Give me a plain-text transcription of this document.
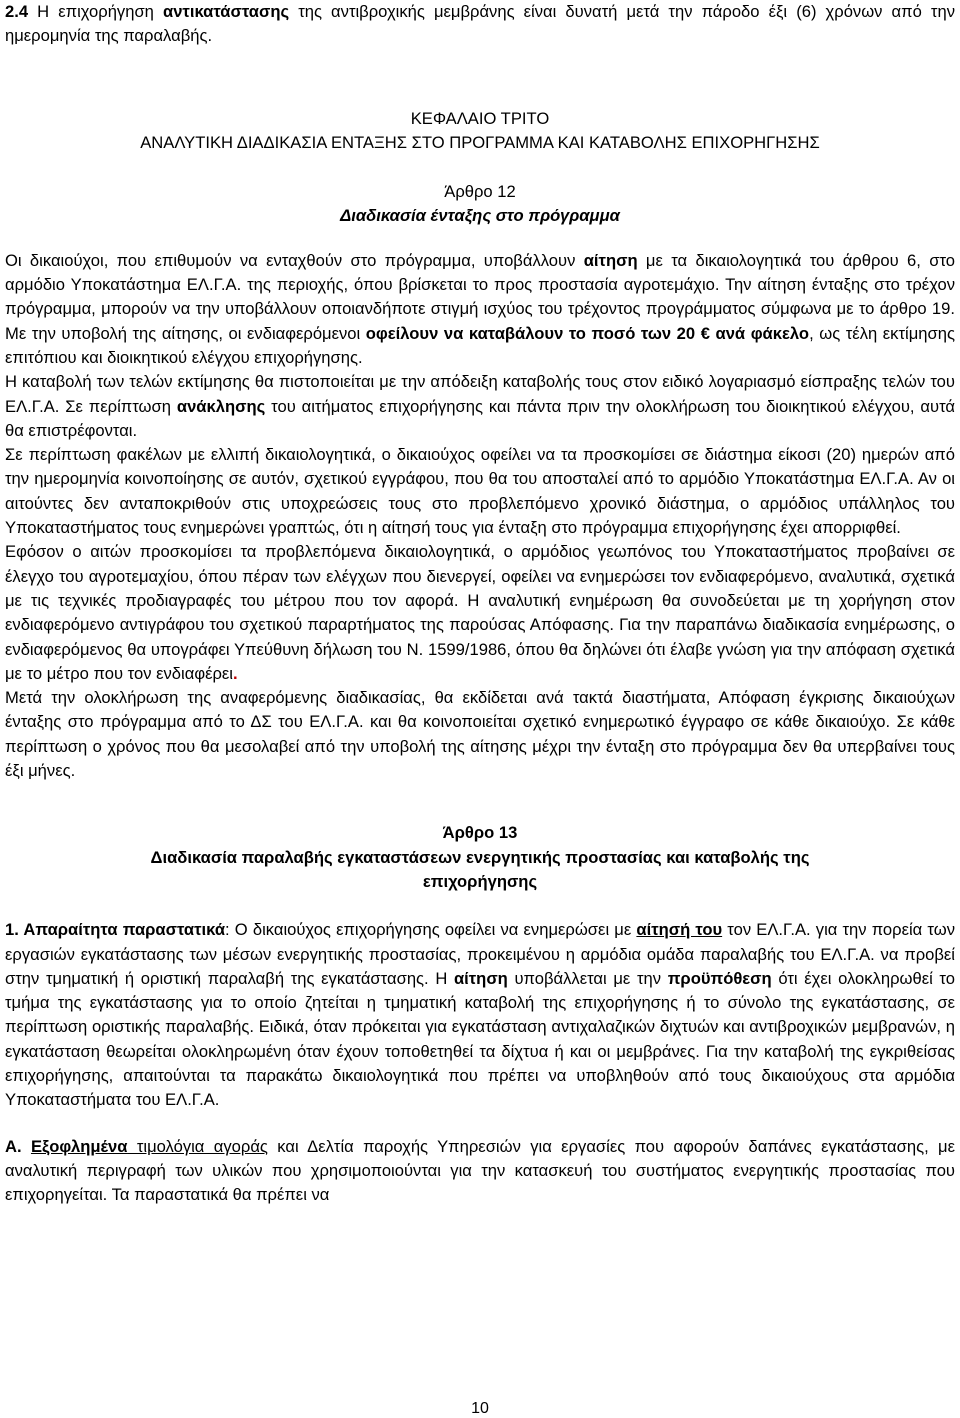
2.4 Η επιχορήγηση αντικατάστασης της αντιβροχικής μεμβράνης είναι δυνατή μετά την πάροδο έξι (6) χρόνων από την ημερομηνία της παραλαβής.

ΚΕΦΑΛΑΙΟ ΤΡΙΤΟ

ΑΝΑΛΥΤΙΚΗ ΔΙΑΔΙΚΑΣΙΑ ΕΝΤΑΞΗΣ ΣΤΟ ΠΡΟΓΡΑΜΜΑ ΚΑΙ ΚΑΤΑΒΟΛΗΣ ΕΠΙΧΟΡΗΓΗΣΗΣ

Άρθρο 12

Διαδικασία ένταξης στο πρόγραμμα

Οι δικαιούχοι, που επιθυμούν να ενταχθούν στο πρόγραμμα, υποβάλλουν αίτηση με τα δικαιολογητικά του άρθρου 6, στο αρμόδιο Υποκατάστημα ΕΛ.Γ.Α. της περιοχής, όπου βρίσκεται το προς προστασία αγροτεμάχιο. Την αίτηση ένταξης στο τρέχον πρόγραμμα, μπορούν να την υποβάλλουν οποιανδήποτε στιγμή ισχύος του τρέχοντος προγράμματος σύμφωνα με το άρθρο 19. Με την υποβολή της αίτησης, οι ενδιαφερόμενοι οφείλουν να καταβάλουν το ποσό των 20 € ανά φάκελο, ως τέλη εκτίμησης επιτόπιου και διοικητικού ελέγχου επιχορήγησης.

Η καταβολή των τελών εκτίμησης θα πιστοποιείται με την απόδειξη καταβολής τους στον ειδικό λογαριασμό είσπραξης τελών του ΕΛ.Γ.Α. Σε περίπτωση ανάκλησης του αιτήματος επιχορήγησης και πάντα πριν την ολοκλήρωση του διοικητικού ελέγχου, αυτά θα επιστρέφονται.

Σε περίπτωση φακέλων με ελλιπή δικαιολογητικά, ο δικαιούχος οφείλει να τα προσκομίσει σε διάστημα είκοσι (20) ημερών από την ημερομηνία κοινοποίησης σε αυτόν, σχετικού εγγράφου, που θα του αποσταλεί από το αρμόδιο Υποκατάστημα ΕΛ.Γ.Α. Αν οι αιτούντες δεν ανταποκριθούν στις υποχρεώσεις τους στο προβλεπόμενο χρονικό διάστημα, ο αρμόδιος υπάλληλος του Υποκαταστήματος τους ενημερώνει γραπτώς, ότι η αίτησή τους για ένταξη στο πρόγραμμα επιχορήγησης έχει απορριφθεί.

Εφόσον ο αιτών προσκομίσει τα προβλεπόμενα δικαιολογητικά, ο αρμόδιος γεωπόνος του Υποκαταστήματος προβαίνει σε έλεγχο του αγροτεμαχίου, όπου πέραν των ελέγχων που διενεργεί, οφείλει να ενημερώσει τον ενδιαφερόμενο, αναλυτικά, σχετικά με τις τεχνικές προδιαγραφές του μέτρου που τον αφορά. Η αναλυτική ενημέρωση θα συνοδεύεται με τη χορήγηση στον ενδιαφερόμενο αντιγράφου του σχετικού παραρτήματος της παρούσας Απόφασης. Για την παραπάνω διαδικασία ενημέρωσης, ο ενδιαφερόμενος θα υπογράφει Υπεύθυνη δήλωση του Ν. 1599/1986, όπου θα δηλώνει ότι έλαβε γνώση για την απόφαση σχετικά με το μέτρο που τον ενδιαφέρει.

Μετά την ολοκλήρωση της αναφερόμενης διαδικασίας, θα εκδίδεται ανά τακτά διαστήματα, Απόφαση έγκρισης δικαιούχων ένταξης στο πρόγραμμα από το ΔΣ του ΕΛ.Γ.Α. και θα κοινοποιείται σχετικό ενημερωτικό έγγραφο σε κάθε δικαιούχο. Σε κάθε περίπτωση ο χρόνος που θα μεσολαβεί από την υποβολή της αίτησης μέχρι την ένταξη στο πρόγραμμα δεν θα υπερβαίνει τους έξι μήνες.

Άρθρο 13

Διαδικασία παραλαβής εγκαταστάσεων ενεργητικής προστασίας και καταβολής της επιχορήγησης

1. Απαραίτητα παραστατικά: Ο δικαιούχος επιχορήγησης οφείλει να ενημερώσει με αίτησή του τον ΕΛ.Γ.Α. για την πορεία των εργασιών εγκατάστασης των μέσων ενεργητικής προστασίας, προκειμένου η αρμόδια ομάδα παραλαβής του ΕΛ.Γ.Α. να προβεί στην τμηματική ή οριστική παραλαβή της εγκατάστασης. Η αίτηση υποβάλλεται με την προϋπόθεση ότι έχει ολοκληρωθεί το τμήμα της εγκατάστασης για το οποίο ζητείται η τμηματική καταβολή της επιχορήγησης ή το σύνολο της εγκατάστασης, σε περίπτωση οριστικής παραλαβής. Ειδικά, όταν πρόκειται για εγκατάσταση αντιχαλαζικών διχτυών και αντιβροχικών μεμβρανών, η εγκατάσταση θεωρείται ολοκληρωμένη όταν έχουν τοποθετηθεί τα δίχτυα ή και οι μεμβράνες. Για την καταβολή της εγκριθείσας επιχορήγησης, απαιτούνται τα παρακάτω δικαιολογητικά που πρέπει να υποβληθούν από τους δικαιούχους στα αρμόδια Υποκαταστήματα του ΕΛ.Γ.Α.

Α. Εξοφλημένα τιμολόγια αγοράς και Δελτία παροχής Υπηρεσιών για εργασίες που αφορούν δαπάνες εγκατάστασης, με αναλυτική περιγραφή των υλικών που χρησιμοποιούνται για την κατασκευή του συστήματος ενεργητικής προστασίας που επιχορηγείται. Τα παραστατικά θα πρέπει να

10
